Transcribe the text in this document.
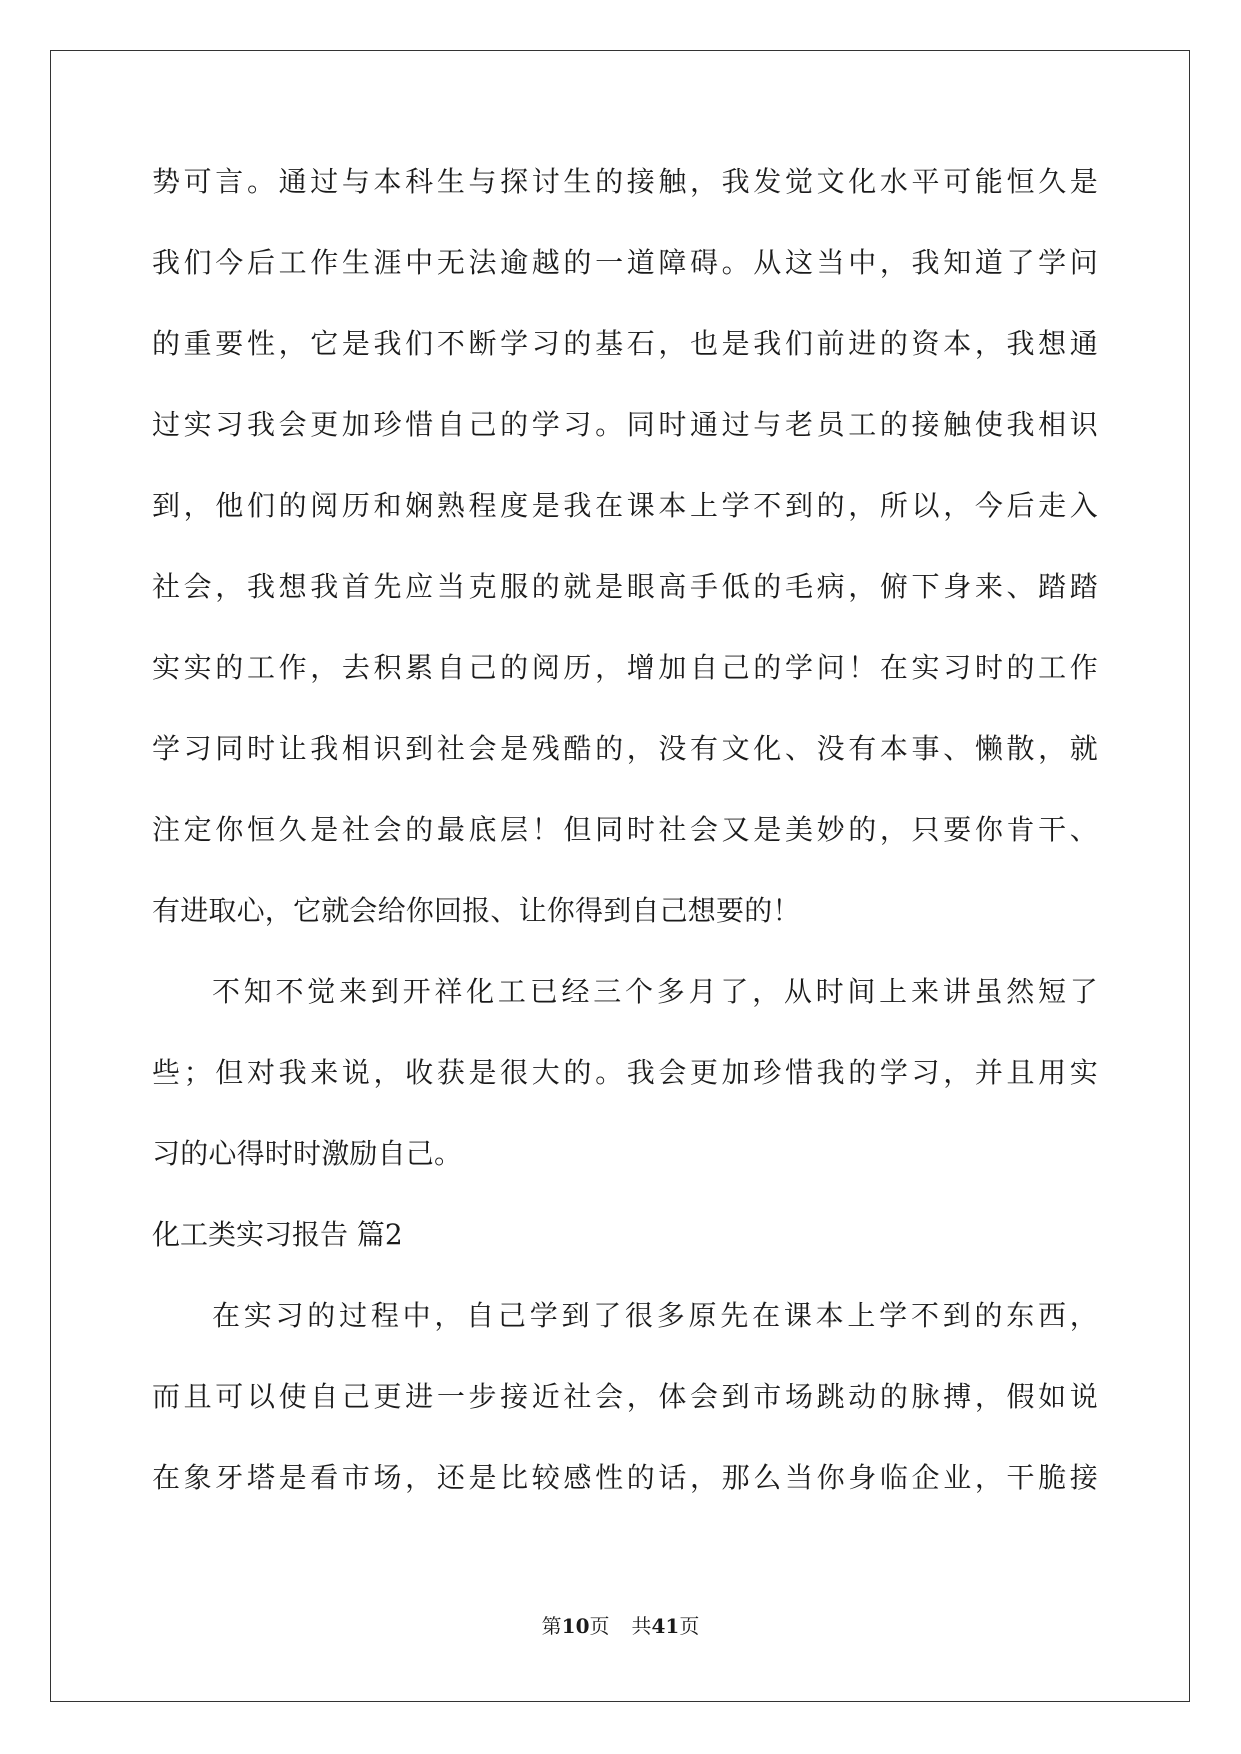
势可言。通过与本科生与探讨生的接触，我发觉文化水平可能恒久是
我们今后工作生涯中无法逾越的一道障碍。从这当中，我知道了学问
的重要性，它是我们不断学习的基石，也是我们前进的资本，我想通
过实习我会更加珍惜自己的学习。同时通过与老员工的接触使我相识
到，他们的阅历和娴熟程度是我在课本上学不到的，所以，今后走入
社会，我想我首先应当克服的就是眼高手低的毛病，俯下身来、踏踏
实实的工作，去积累自己的阅历，增加自己的学问！在实习时的工作
学习同时让我相识到社会是残酷的，没有文化、没有本事、懒散，就
注定你恒久是社会的最底层！但同时社会又是美妙的，只要你肯干、
有进取心，它就会给你回报、让你得到自己想要的！
不知不觉来到开祥化工已经三个多月了，从时间上来讲虽然短了
些；但对我来说，收获是很大的。我会更加珍惜我的学习，并且用实
习的心得时时激励自己。
化工类实习报告 篇2
在实习的过程中，自己学到了很多原先在课本上学不到的东西，
而且可以使自己更进一步接近社会，体会到市场跳动的脉搏，假如说
在象牙塔是看市场，还是比较感性的话，那么当你身临企业，干脆接
第10页 共41页
